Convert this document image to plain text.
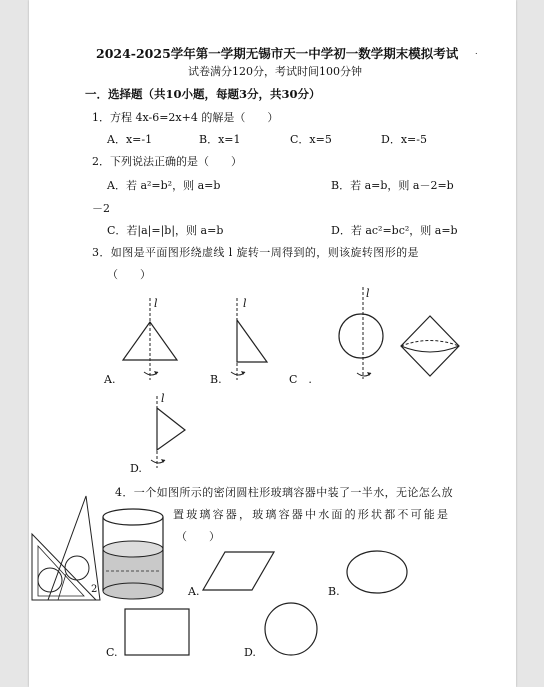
2024-2025学年第一学期无锡市天一中学初一数学期末模拟考试
试卷满分120分，考试时间100分钟
一．选择题（共10小题，每题3分，共30分）
.
1．方程 4x-6=2x+4 的解是（　　）
A．x=-1	B．x=1	C．x=5	D．x=-5
2．下列说法正确的是（　　）
A．若 a²=b²，则 a=b	B．若 a=b，则 a－2=b
－2
C．若|a|=|b|，则 a=b	D．若 ac²=bc²，则 a=b
3．如图是平面图形绕虚线 l 旋转一周得到的，则该旋转图形的是
（　　）
l
A.
l
B.
l
C　.
l
D.
4．一个如图所示的密闭圆柱形玻璃容器中装了一半水，无论怎么放
置玻璃容器，玻璃容器中水面的形状都不可能是
（　　）
2	A.	B.
C.	D.
